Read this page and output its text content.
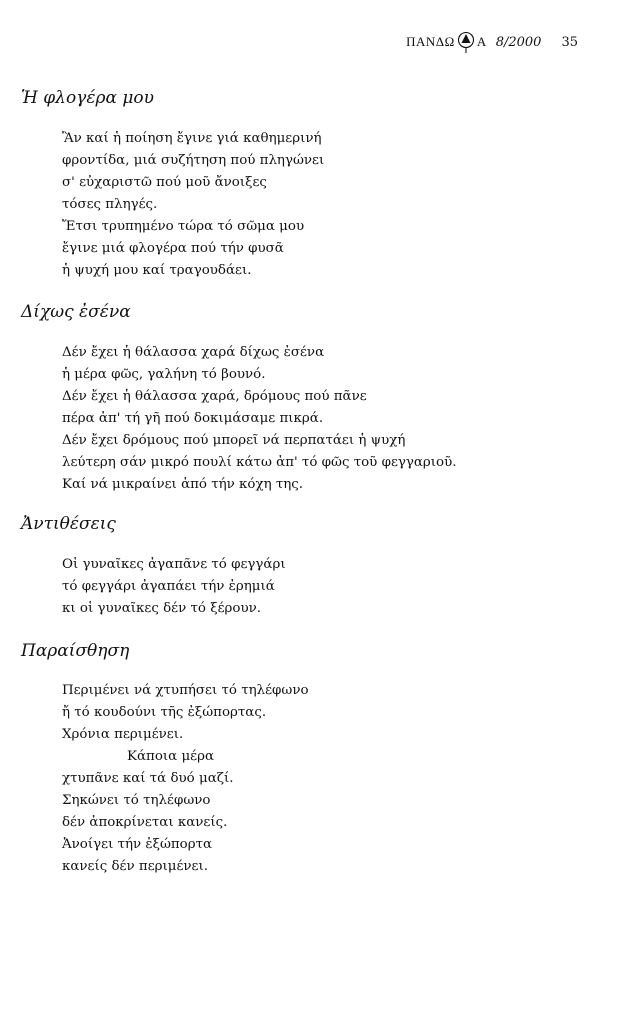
ΠΑΝΔΩ Α 8/2000 35
Ἡ φλογέρα μου
Ἂν καί ἡ ποίηση ἔγινε γιά καθημερινή
φροντίδα, μιά συζήτηση πού πληγώνει
σ' εὐχαριστῶ πού μοῦ ἄνοιξες
τόσες πληγές.
Ἔτσι τρυπημένο τώρα τό σῶμα μου
ἔγινε μιά φλογέρα πού τήν φυσᾶ
ἡ ψυχή μου καί τραγουδάει.
Δίχως ἐσένα
Δέν ἔχει ἡ θάλασσα χαρά δίχως ἐσένα
ἡ μέρα φῶς, γαλήνη τό βουνό.
Δέν ἔχει ἡ θάλασσα χαρά, δρόμους πού πᾶνε
πέρα ἀπ' τή γῆ πού δοκιμάσαμε πικρά.
Δέν ἔχει δρόμους πού μπορεῖ νά περπατάει ἡ ψυχή
λεύτερη σάν μικρό πουλί κάτω ἀπ' τό φῶς τοῦ φεγγαριοῦ.
Καί νά μικραίνει ἀπό τήν κόχη της.
Ἀντιθέσεις
Οἱ γυναῖκες ἀγαπᾶνε τό φεγγάρι
τό φεγγάρι ἀγαπάει τήν ἐρημιά
κι οἱ γυναῖκες δέν τό ξέρουν.
Παραίσθηση
Περιμένει νά χτυπήσει τό τηλέφωνο
ἤ τό κουδούνι τῆς ἐξώπορτας.
Χρόνια περιμένει.
Κάποια μέρα
χτυπᾶνε καί τά δυό μαζί.
Σηκώνει τό τηλέφωνο
δέν ἀποκρίνεται κανείς.
Ἀνοίγει τήν ἐξώπορτα
κανείς δέν περιμένει.
